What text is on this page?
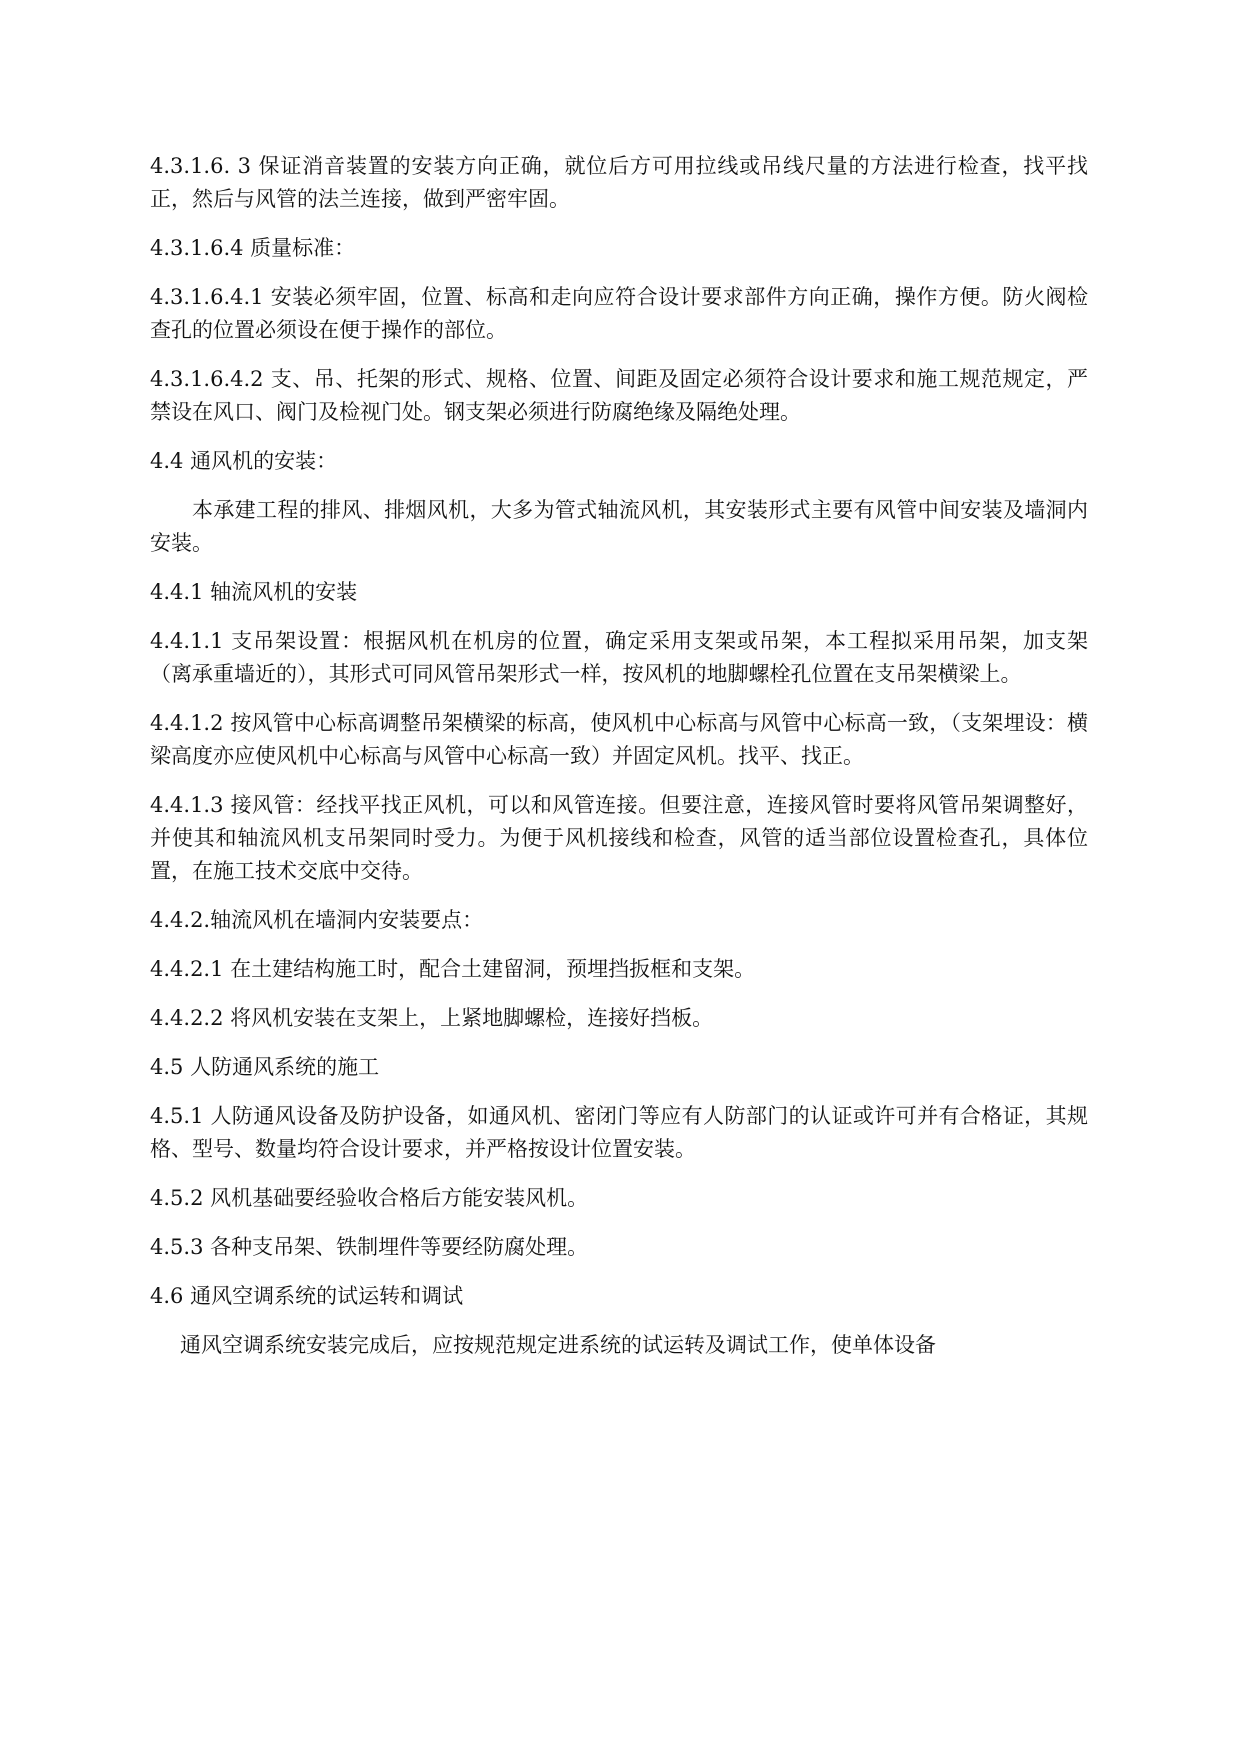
4.3.1.6. 3 保证消音装置的安装方向正确，就位后方可用拉线或吊线尺量的方法进行检查，找平找正，然后与风管的法兰连接，做到严密牢固。

4.3.1.6.4 质量标准：

4.3.1.6.4.1 安装必须牢固，位置、标高和走向应符合设计要求部件方向正确，操作方便。防火阀检查孔的位置必须设在便于操作的部位。

4.3.1.6.4.2 支、吊、托架的形式、规格、位置、间距及固定必须符合设计要求和施工规范规定，严禁设在风口、阀门及检视门处。钢支架必须进行防腐绝缘及隔绝处理。

4.4 通风机的安装：

本承建工程的排风、排烟风机，大多为管式轴流风机，其安装形式主要有风管中间安装及墙洞内安装。

4.4.1 轴流风机的安装

4.4.1.1 支吊架设置：根据风机在机房的位置，确定采用支架或吊架，本工程拟采用吊架，加支架（离承重墙近的），其形式可同风管吊架形式一样，按风机的地脚螺栓孔位置在支吊架横梁上。

4.4.1.2 按风管中心标高调整吊架横梁的标高，使风机中心标高与风管中心标高一致，（支架埋设：横梁高度亦应使风机中心标高与风管中心标高一致）并固定风机。找平、找正。

4.4.1.3 接风管：经找平找正风机，可以和风管连接。但要注意，连接风管时要将风管吊架调整好，并使其和轴流风机支吊架同时受力。为便于风机接线和检查，风管的适当部位设置检查孔，具体位置，在施工技术交底中交待。

4.4.2.轴流风机在墙洞内安装要点：

4.4.2.1 在土建结构施工时，配合土建留洞，预埋挡扳框和支架。

4.4.2.2 将风机安装在支架上，上紧地脚螺检，连接好挡板。

4.5 人防通风系统的施工

4.5.1 人防通风设备及防护设备，如通风机、密闭门等应有人防部门的认证或许可并有合格证，其规格、型号、数量均符合设计要求，并严格按设计位置安装。

4.5.2 风机基础要经验收合格后方能安装风机。

4.5.3 各种支吊架、铁制埋件等要经防腐处理。

4.6 通风空调系统的试运转和调试

通风空调系统安装完成后，应按规范规定进系统的试运转及调试工作，使单体设备
